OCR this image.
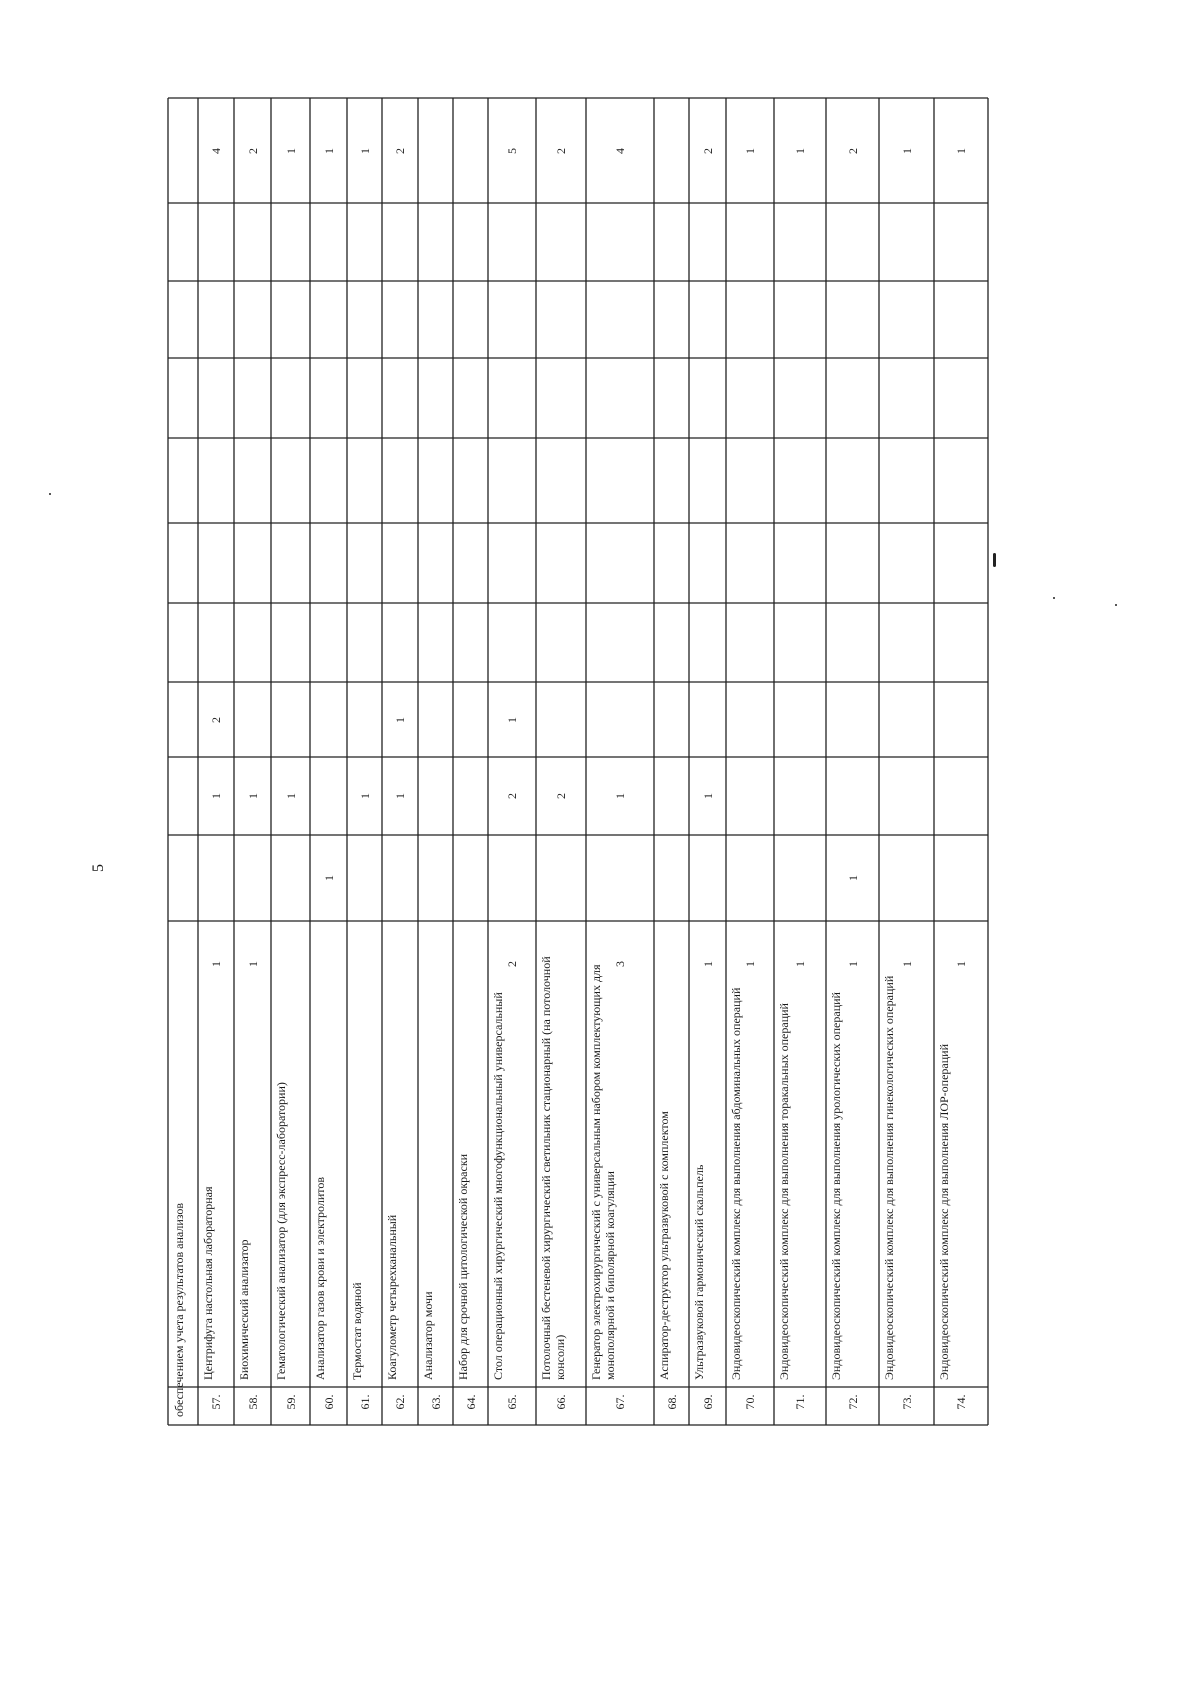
5
обеспечением учета результатов анализов	57.
Центрифуга настольная лабораторная
1
1
2
4
58.
Биохимический анализатор
1
1
2
59.
Гематологический анализатор (для экспресс-лаборатории)
1
1
60.
Анализатор газов крови и электролитов
1
1
61.
Термостат водяной
1
1
62.
Коагулометр четырехканальный
1
1
2
63.
Анализатор мочи
64.
Набор для срочной цитологической окраски
65.
Стол операционный хирургический многофункциональный универсальный
2
2
1
5
66.
Потолочный бестеневой хирургический светильник стационарный (на потолочной консоли)
2
2
67.
Генератор электрохирургический с универсальным набором комплектующих для монополярной и биполярной коагуляции
3
1
4
68.
Аспиратор-деструктор ультразвуковой с комплектом
69.
Ультразвуковой гармонический скальпель
1
1
2
70.
Эндовидеоскопический комплекс для выполнения абдоминальных операций
1
1
71.
Эндовидеоскопический комплекс для выполнения торакальных операций
1
1
72.
Эндовидеоскопический комплекс для выполнения урологических операций
1
1
2
73.
Эндовидеоскопический комплекс для выполнения гинекологических операций
1
1
74.
Эндовидеоскопический комплекс для выполнения ЛОР-операций
1
1
